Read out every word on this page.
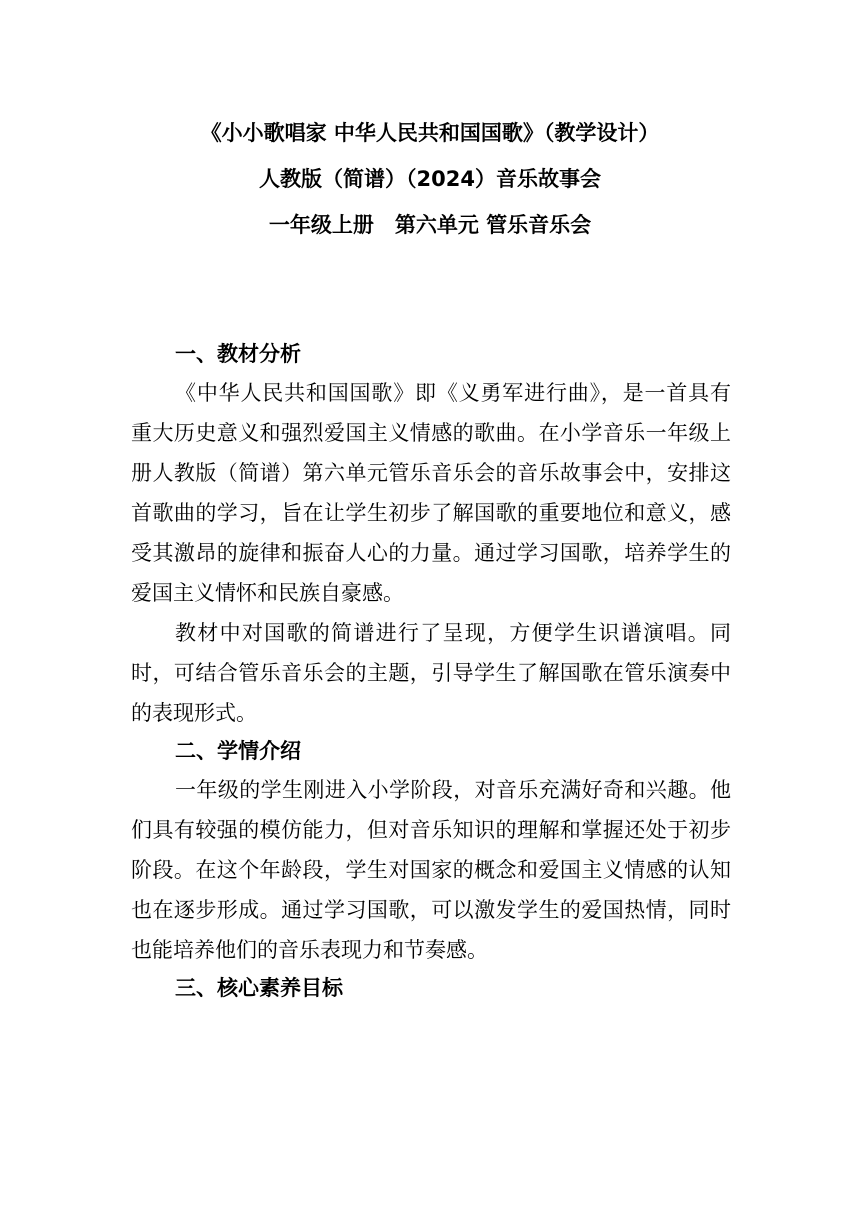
《小小歌唱家 中华人民共和国国歌》（教学设计）
人教版（简谱）（2024）音乐故事会
一年级上册　第六单元 管乐音乐会
一、教材分析

《中华人民共和国国歌》即《义勇军进行曲》，是一首具有重大历史意义和强烈爱国主义情感的歌曲。在小学音乐一年级上册人教版（简谱）第六单元管乐音乐会的音乐故事会中，安排这首歌曲的学习，旨在让学生初步了解国歌的重要地位和意义，感受其激昂的旋律和振奋人心的力量。通过学习国歌，培养学生的爱国主义情怀和民族自豪感。

教材中对国歌的简谱进行了呈现，方便学生识谱演唱。同时，可结合管乐音乐会的主题，引导学生了解国歌在管乐演奏中的表现形式。

二、学情介绍

一年级的学生刚进入小学阶段，对音乐充满好奇和兴趣。他们具有较强的模仿能力，但对音乐知识的理解和掌握还处于初步阶段。在这个年龄段，学生对国家的概念和爱国主义情感的认知也在逐步形成。通过学习国歌，可以激发学生的爱国热情，同时也能培养他们的音乐表现力和节奏感。

三、核心素养目标
